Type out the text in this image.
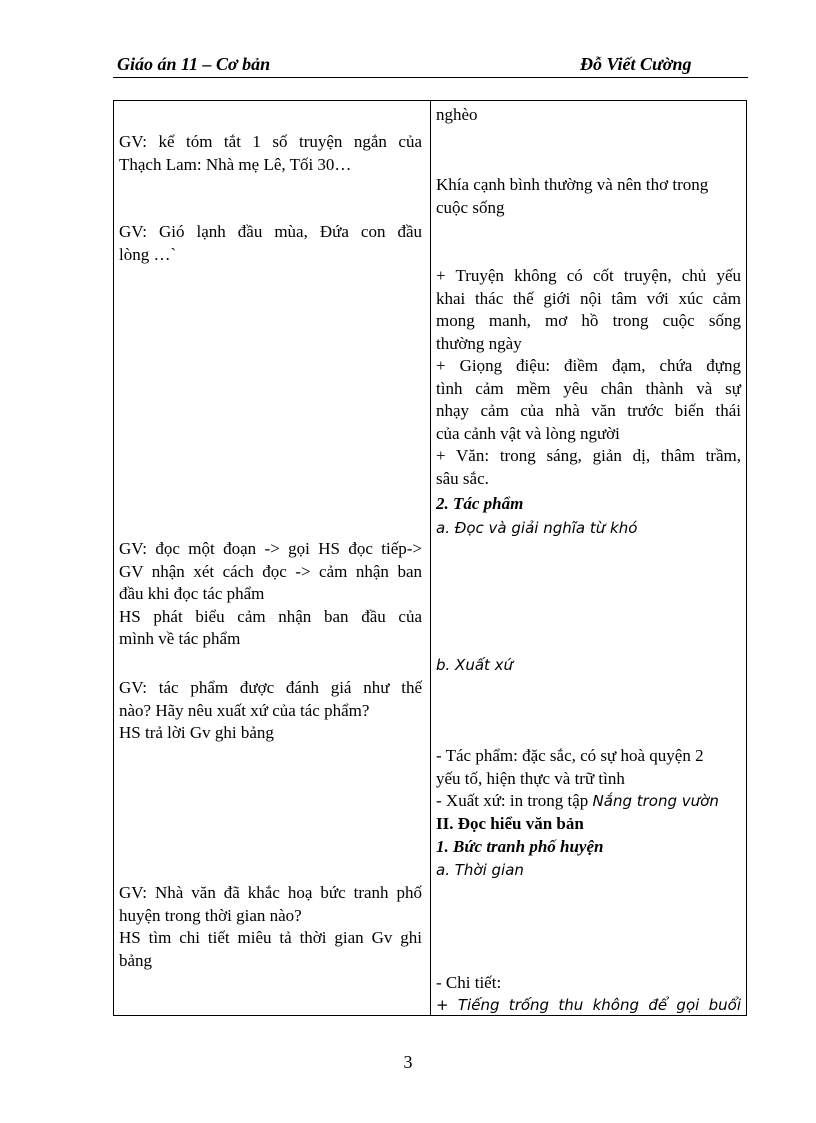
Giáo án 11 – Cơ bản	Đỗ Viết Cường
GV: kể tóm tắt 1 số truyện ngắn của
Thạch Lam: Nhà mẹ Lê, Tối 30…
GV: Gió lạnh đầu mùa, Đứa con đầu
lòng …`
GV: đọc một đoạn -> gọi HS đọc tiếp->
GV nhận xét cách đọc -> cảm nhận ban
đầu khi đọc tác phẩm
HS phát biểu cảm nhận ban đầu của
mình về tác phẩm
GV: tác phẩm được đánh giá như thế
nào? Hãy nêu xuất xứ của tác phẩm?
HS trả lời Gv ghi bảng
GV: Nhà văn đã khắc hoạ bức tranh phố
huyện trong thời gian nào?
HS tìm chi tiết miêu tả thời gian Gv ghi
bảng
nghèo
Khía cạnh bình thường và nên thơ trong
cuộc sống
+ Truyện không có cốt truyện, chủ yếu
khai thác thế giới nội tâm với xúc cảm
mong manh, mơ hồ trong cuộc sống
thường ngày
+ Giọng điệu: điềm đạm, chứa đựng
tình cảm mềm yêu chân thành và sự
nhạy cảm của nhà văn trước biến thái
của cảnh vật và lòng người
+ Văn: trong sáng, giản dị, thâm trầm,
sâu sắc.
2. Tác phẩm
a. Đọc và giải nghĩa từ khó
b. Xuất xứ
- Tác phẩm: đặc sắc, có sự hoà quyện 2
yếu tố, hiện thực và trữ tình
- Xuất xứ: in trong tập Nắng trong vườn
II. Đọc hiểu văn bản
1. Bức tranh phố huyện
a. Thời gian
- Chi tiết:
+ Tiếng trống thu không để gọi buổi
3
